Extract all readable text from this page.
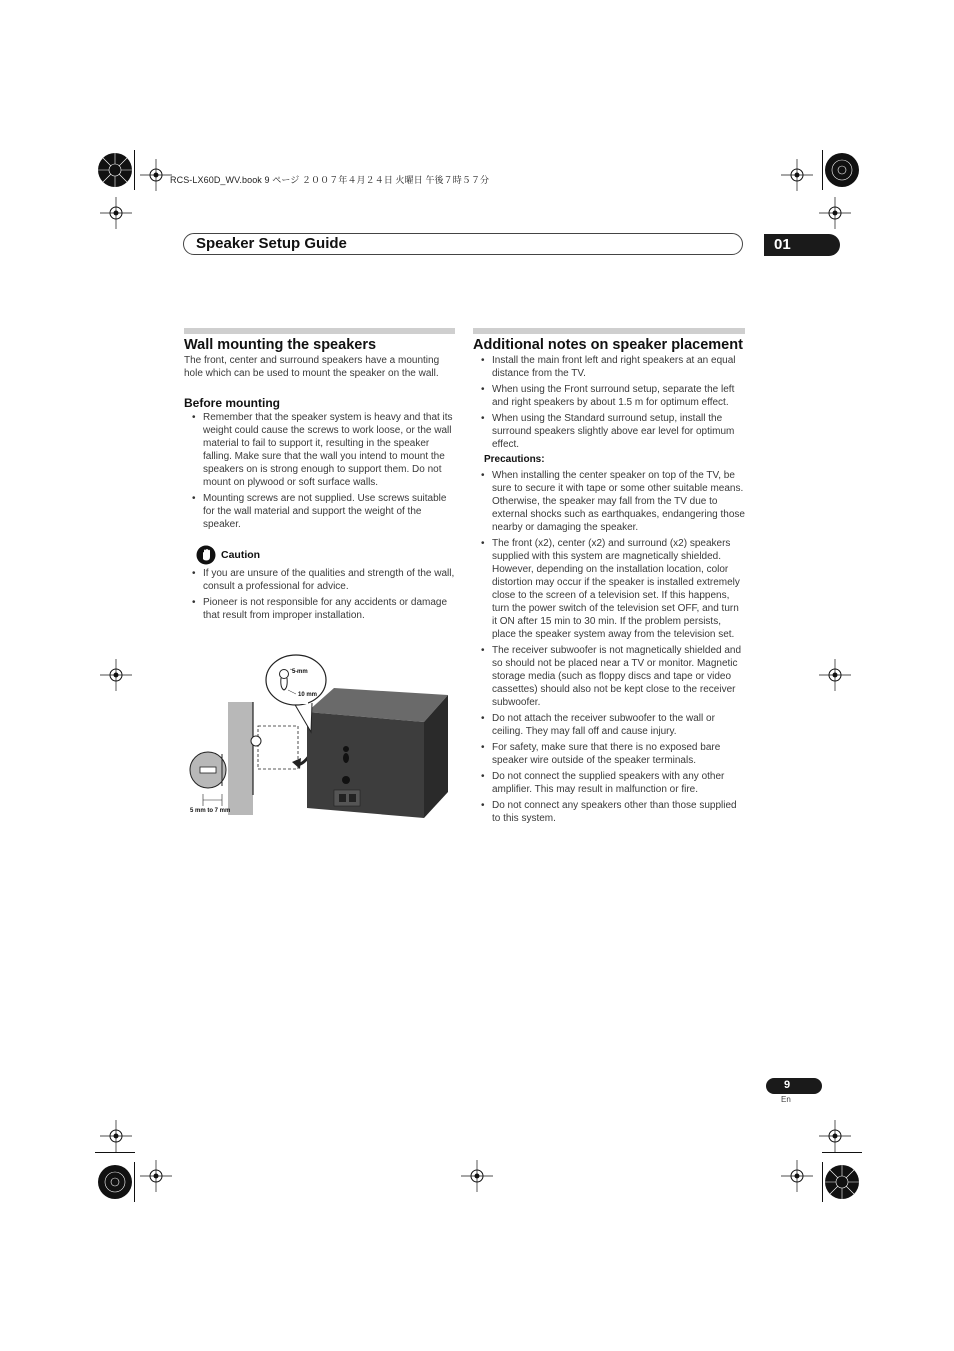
RCS-LX60D_WV.book 9 ページ ２００７年４月２４日 火曜日 午後７時５７分
Speaker Setup Guide	01
Wall mounting the speakers

The front, center and surround speakers have a mounting hole which can be used to mount the speaker on the wall.

Before mounting
• Remember that the speaker system is heavy and that its weight could cause the screws to work loose, or the wall material to fail to support it, resulting in the speaker falling. Make sure that the wall you intend to mount the speakers on is strong enough to support them. Do not mount on plywood or soft surface walls.
• Mounting screws are not supplied. Use screws suitable for the wall material and support the weight of the speaker.
Caution
• If you are unsure of the qualities and strength of the wall, consult a professional for advice.
• Pioneer is not responsible for any accidents or damage that result from improper installation.
5 mm to 7 mm
5 mm
10 mm
Additional notes on speaker placement
• Install the main front left and right speakers at an equal distance from the TV.
• When using the Front surround setup, separate the left and right speakers by about 1.5 m for optimum effect.
• When using the Standard surround setup, install the surround speakers slightly above ear level for optimum effect.
Precautions:
• When installing the center speaker on top of the TV, be sure to secure it with tape or some other suitable means. Otherwise, the speaker may fall from the TV due to external shocks such as earthquakes, endangering those nearby or damaging the speaker.
• The front (x2), center (x2) and surround (x2) speakers supplied with this system are magnetically shielded. However, depending on the installation location, color distortion may occur if the speaker is installed extremely close to the screen of a television set. If this happens, turn the power switch of the television set OFF, and turn it ON after 15 min to 30 min. If the problem persists, place the speaker system away from the television set.
• The receiver subwoofer is not magnetically shielded and so should not be placed near a TV or monitor. Magnetic storage media (such as floppy discs and tape or video cassettes) should also not be kept close to the receiver subwoofer.
• Do not attach the receiver subwoofer to the wall or ceiling. They may fall off and cause injury.
• For safety, make sure that there is no exposed bare speaker wire outside of the speaker terminals.
• Do not connect the supplied speakers with any other amplifier. This may result in malfunction or fire.
• Do not connect any speakers other than those supplied to this system.
9
En
